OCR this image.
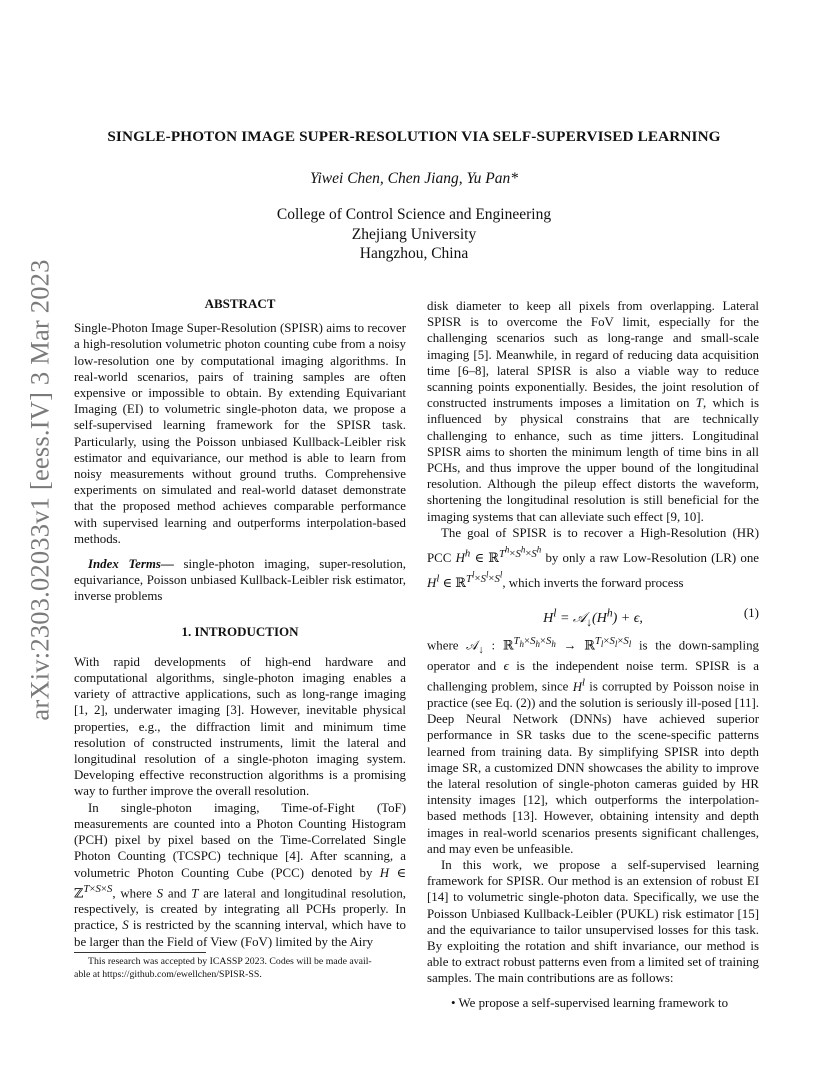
arXiv:2303.02033v1 [eess.IV] 3 Mar 2023
SINGLE-PHOTON IMAGE SUPER-RESOLUTION VIA SELF-SUPERVISED LEARNING
Yiwei Chen, Chen Jiang, Yu Pan*
College of Control Science and Engineering
Zhejiang University
Hangzhou, China
ABSTRACT

Single-Photon Image Super-Resolution (SPISR) aims to recover a high-resolution volumetric photon counting cube from a noisy low-resolution one by computational imaging algorithms. In real-world scenarios, pairs of training samples are often expensive or impossible to obtain. By extending Equivariant Imaging (EI) to volumetric single-photon data, we propose a self-supervised learning framework for the SPISR task. Particularly, using the Poisson unbiased Kullback-Leibler risk estimator and equivariance, our method is able to learn from noisy measurements without ground truths. Comprehensive experiments on simulated and real-world dataset demonstrate that the proposed method achieves comparable performance with supervised learning and outperforms interpolation-based methods.

Index Terms— single-photon imaging, super-resolution, equivariance, Poisson unbiased Kullback-Leibler risk estimator, inverse problems

1. INTRODUCTION

With rapid developments of high-end hardware and computational algorithms, single-photon imaging enables a variety of attractive applications, such as long-range imaging [1, 2], underwater imaging [3]. However, inevitable physical properties, e.g., the diffraction limit and minimum time resolution of constructed instruments, limit the lateral and longitudinal resolution of a single-photon imaging system. Developing effective reconstruction algorithms is a promising way to further improve the overall resolution.

In single-photon imaging, Time-of-Fight (ToF) measurements are counted into a Photon Counting Histogram (PCH) pixel by pixel based on the Time-Correlated Single Photon Counting (TCSPC) technique [4]. After scanning, a volumetric Photon Counting Cube (PCC) denoted by H ∈ ℤ$^{T\times S\times S}$, where S and T are lateral and longitudinal resolution, respectively, is created by integrating all PCHs properly. In practice, S is restricted by the scanning interval, which have to be larger than the Field of View (FoV) limited by the Airy

disk diameter to keep all pixels from overlapping. Lateral SPISR is to overcome the FoV limit, especially for the challenging scenarios such as long-range and small-scale imaging [5]. Meanwhile, in regard of reducing data acquisition time [6–8], lateral SPISR is also a viable way to reduce scanning points exponentially. Besides, the joint resolution of constructed instruments imposes a limitation on T, which is influenced by physical constrains that are technically challenging to enhance, such as time jitters. Longitudinal SPISR aims to shorten the minimum length of time bins in all PCHs, and thus improve the upper bound of the longitudinal resolution. Although the pileup effect distorts the waveform, shortening the longitudinal resolution is still beneficial for the imaging systems that can alleviate such effect [9, 10].

The goal of SPISR is to recover a High-Resolution (HR) PCC $H^h$ ∈ ℝ$^{T^h\times S^h\times S^h}$ by only a raw Low-Resolution (LR) one $H^l$ ∈ ℝ$^{T^l\times S^l\times S^l}$, which inverts the forward process

$H^l$ = $𝒜_↓(H^h) + \epsilon$,	(1)

where 𝒜$_↓$ : ℝ$^{T_h\times S_h\times S_h}$ → ℝ$^{T_l\times S_l\times S_l}$ is the down-sampling operator and ϵ is the independent noise term. SPISR is a challenging problem, since $H^l$ is corrupted by Poisson noise in practice (see Eq. (2)) and the solution is seriously ill-posed [11]. Deep Neural Network (DNNs) have achieved superior performance in SR tasks due to the scene-specific patterns learned from training data. By simplifying SPISR into depth image SR, a customized DNN showcases the ability to improve the lateral resolution of single-photon cameras guided by HR intensity images [12], which outperforms the interpolation-based methods [13]. However, obtaining intensity and depth images in real-world scenarios presents significant challenges, and may even be unfeasible.

In this work, we propose a self-supervised learning framework for SPISR. Our method is an extension of robust EI [14] to volumetric single-photon data. Specifically, we use the Poisson Unbiased Kullback-Leibler (PUKL) risk estimator [15] and the equivariance to tailor unsupervised losses for this task. By exploiting the rotation and shift invariance, our method is able to extract robust patterns even from a limited set of training samples. The main contributions are as follows:

• We propose a self-supervised learning framework to

This research was accepted by ICASSP 2023. Codes will be made avail-
able at https://github.com/ewellchen/SPISR-SS.
